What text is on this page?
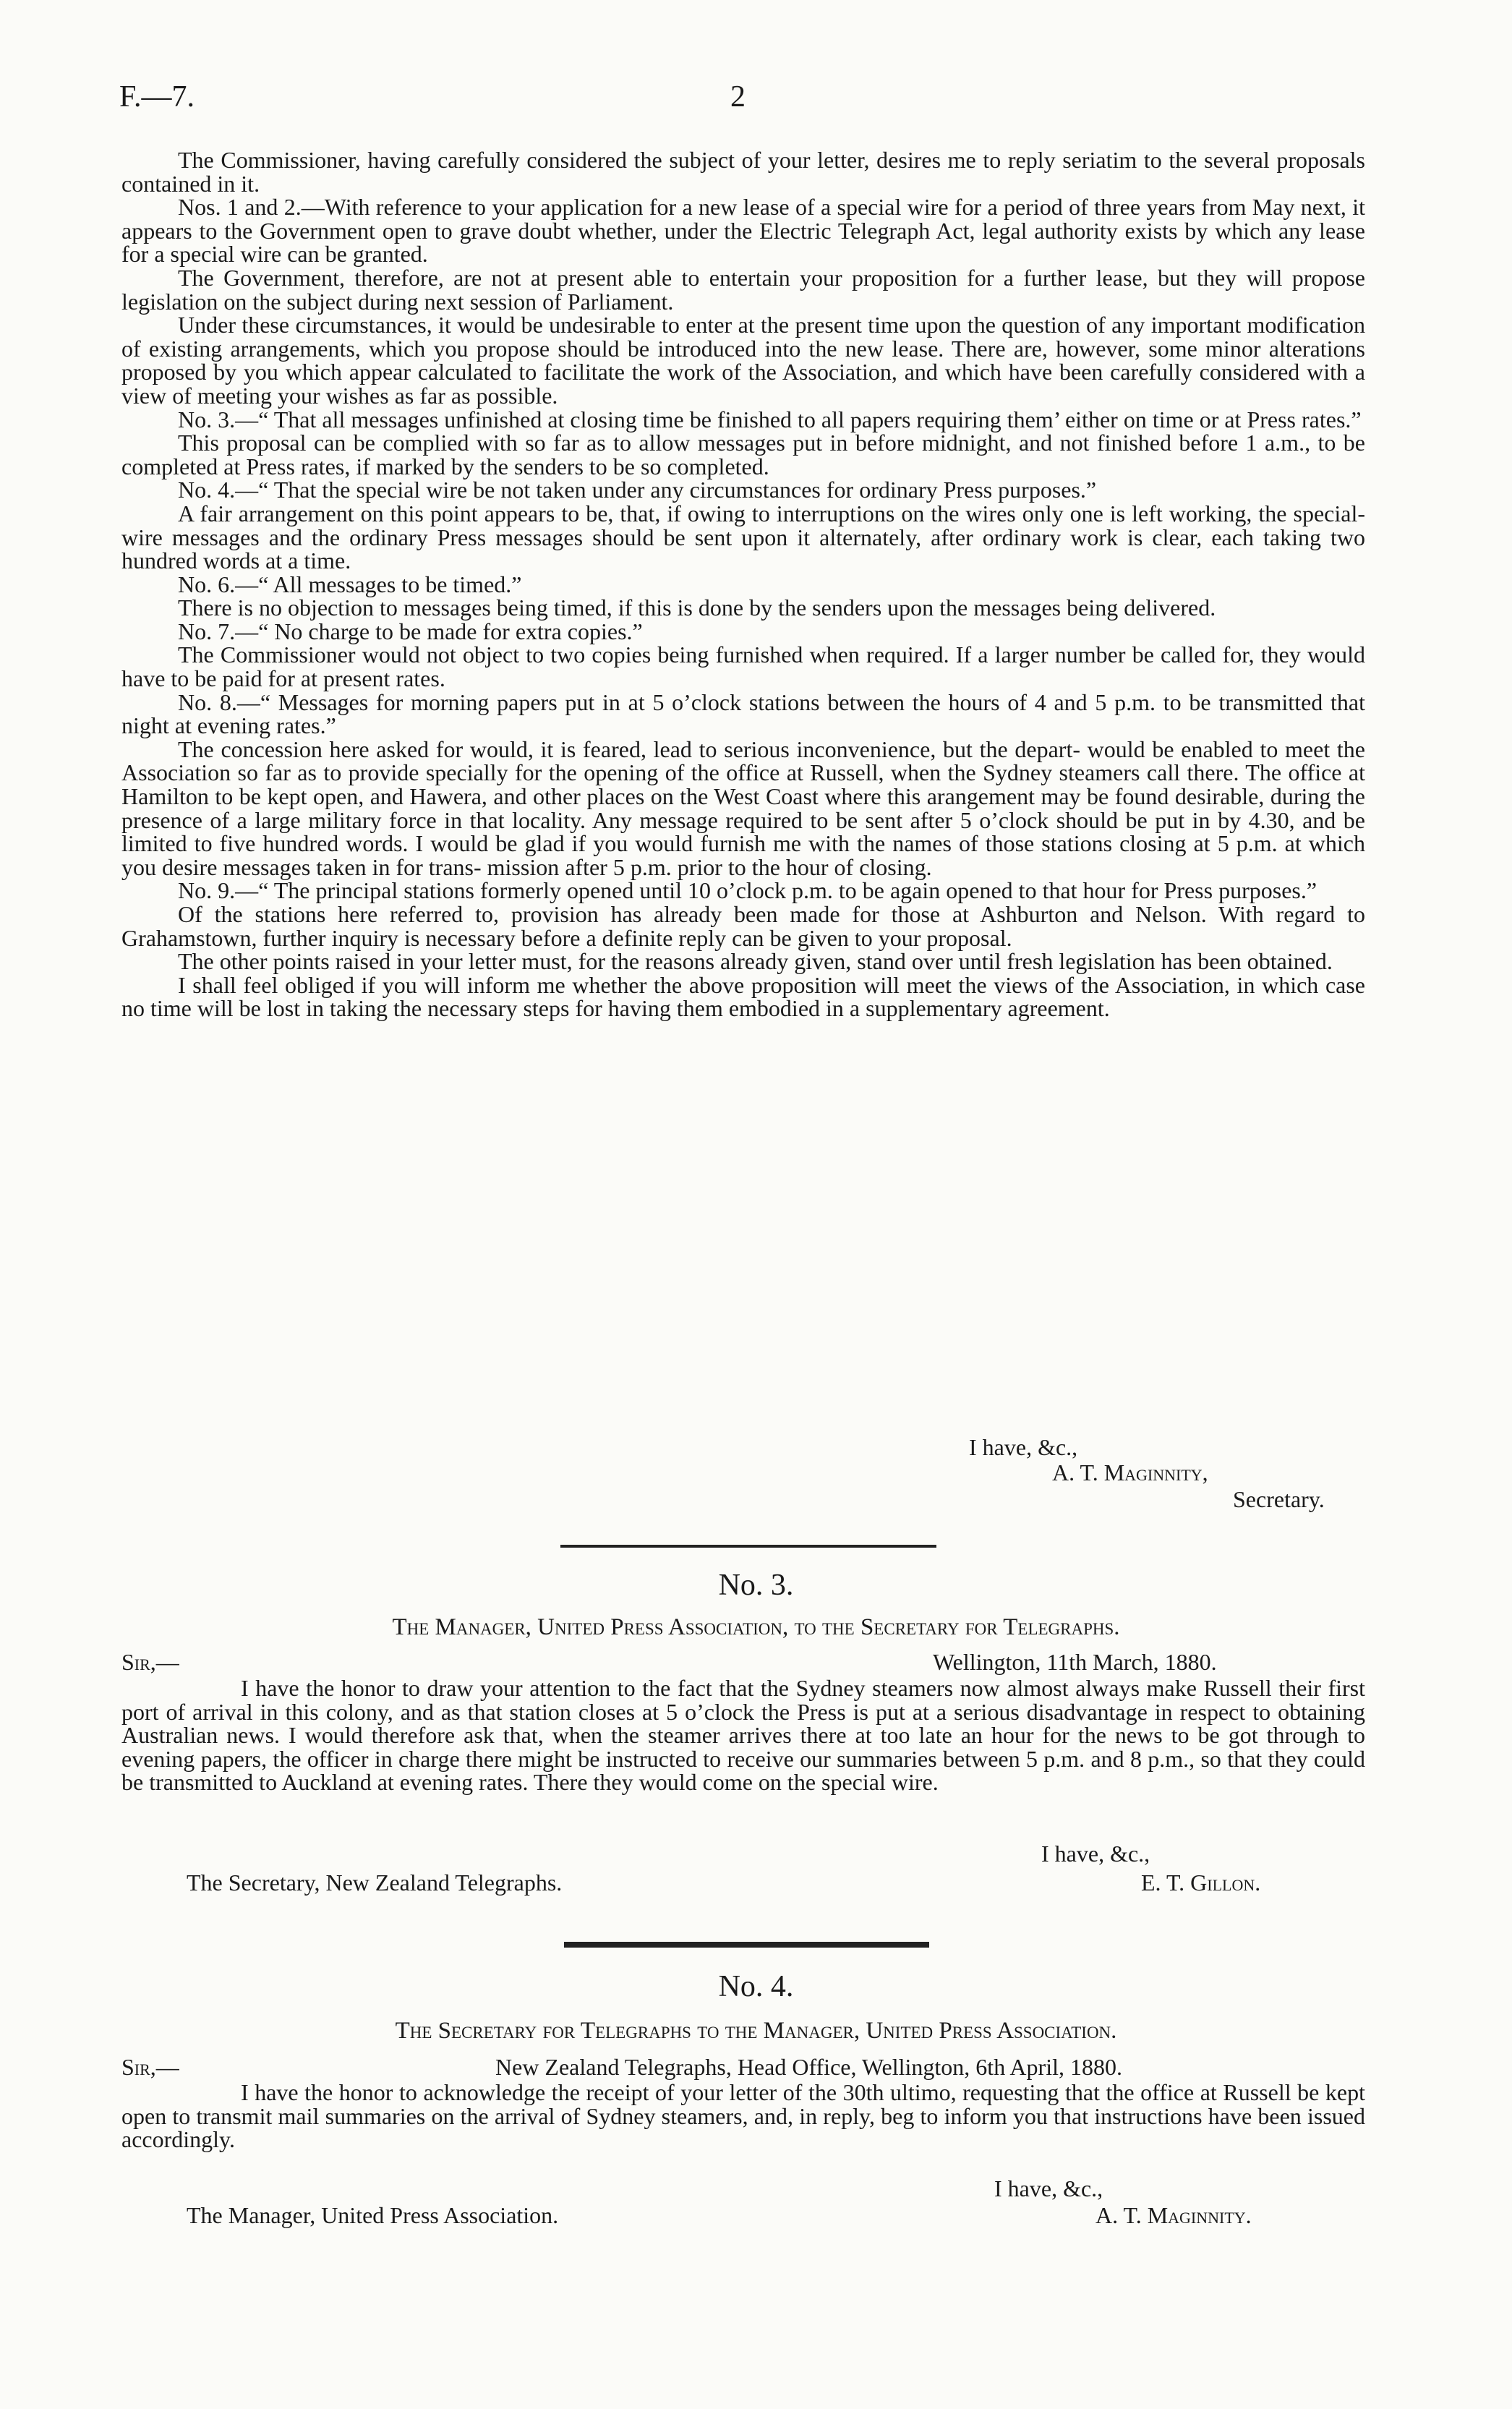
F.—7.	2

The Commissioner, having carefully considered the subject of your letter, desires me to reply seriatim to the several proposals contained in it.

Nos. 1 and 2.—With reference to your application for a new lease of a special wire for a period of three years from May next, it appears to the Government open to grave doubt whether, under the Electric Telegraph Act, legal authority exists by which any lease for a special wire can be granted.

The Government, therefore, are not at present able to entertain your proposition for a further lease, but they will propose legislation on the subject during next session of Parliament.

Under these circumstances, it would be undesirable to enter at the present time upon the question of any important modification of existing arrangements, which you propose should be introduced into the new lease. There are, however, some minor alterations proposed by you which appear calculated to facilitate the work of the Association, and which have been carefully considered with a view of meeting your wishes as far as possible.

No. 3.—“ That all messages unfinished at closing time be finished to all papers requiring them’ either on time or at Press rates.”

This proposal can be complied with so far as to allow messages put in before midnight, and not finished before 1 a.m., to be completed at Press rates, if marked by the senders to be so completed.

No. 4.—“ That the special wire be not taken under any circumstances for ordinary Press purposes.”

A fair arrangement on this point appears to be, that, if owing to interruptions on the wires only one is left working, the special-wire messages and the ordinary Press messages should be sent upon it alternately, after ordinary work is clear, each taking two hundred words at a time.

No. 6.—“ All messages to be timed.”

There is no objection to messages being timed, if this is done by the senders upon the messages being delivered.

No. 7.—“ No charge to be made for extra copies.”

The Commissioner would not object to two copies being furnished when required. If a larger number be called for, they would have to be paid for at present rates.

No. 8.—“ Messages for morning papers put in at 5 o’clock stations between the hours of 4 and 5 p.m. to be transmitted that night at evening rates.”

The concession here asked for would, it is feared, lead to serious inconvenience, but the depart- would be enabled to meet the Association so far as to provide specially for the opening of the office at Russell, when the Sydney steamers call there. The office at Hamilton to be kept open, and Hawera, and other places on the West Coast where this arangement may be found desirable, during the presence of a large military force in that locality. Any message required to be sent after 5 o’clock should be put in by 4.30, and be limited to five hundred words. I would be glad if you would furnish me with the names of those stations closing at 5 p.m. at which you desire messages taken in for trans- mission after 5 p.m. prior to the hour of closing.

No. 9.—“ The principal stations formerly opened until 10 o’clock p.m. to be again opened to that hour for Press purposes.”

Of the stations here referred to, provision has already been made for those at Ashburton and Nelson. With regard to Grahamstown, further inquiry is necessary before a definite reply can be given to your proposal.

The other points raised in your letter must, for the reasons already given, stand over until fresh legislation has been obtained.

I shall feel obliged if you will inform me whether the above proposition will meet the views of the Association, in which case no time will be lost in taking the necessary steps for having them embodied in a supplementary agreement.

I have, &c.,
A. T. Maginnity,
Secretary.
No. 3.
The Manager, United Press Association, to the Secretary for Telegraphs.
Sir,—	Wellington, 11th March, 1880.

I have the honor to draw your attention to the fact that the Sydney steamers now almost always make Russell their first port of arrival in this colony, and as that station closes at 5 o’clock the Press is put at a serious disadvantage in respect to obtaining Australian news. I would therefore ask that, when the steamer arrives there at too late an hour for the news to be got through to evening papers, the officer in charge there might be instructed to receive our summaries between 5 p.m. and 8 p.m., so that they could be transmitted to Auckland at evening rates. There they would come on the special wire.

I have, &c.,
The Secretary, New Zealand Telegraphs.	E. T. Gillon.
No. 4.
The Secretary for Telegraphs to the Manager, United Press Association.
Sir,—	New Zealand Telegraphs, Head Office, Wellington, 6th April, 1880.

I have the honor to acknowledge the receipt of your letter of the 30th ultimo, requesting that the office at Russell be kept open to transmit mail summaries on the arrival of Sydney steamers, and, in reply, beg to inform you that instructions have been issued accordingly.

I have, &c.,
The Manager, United Press Association.	A. T. Maginnity.
